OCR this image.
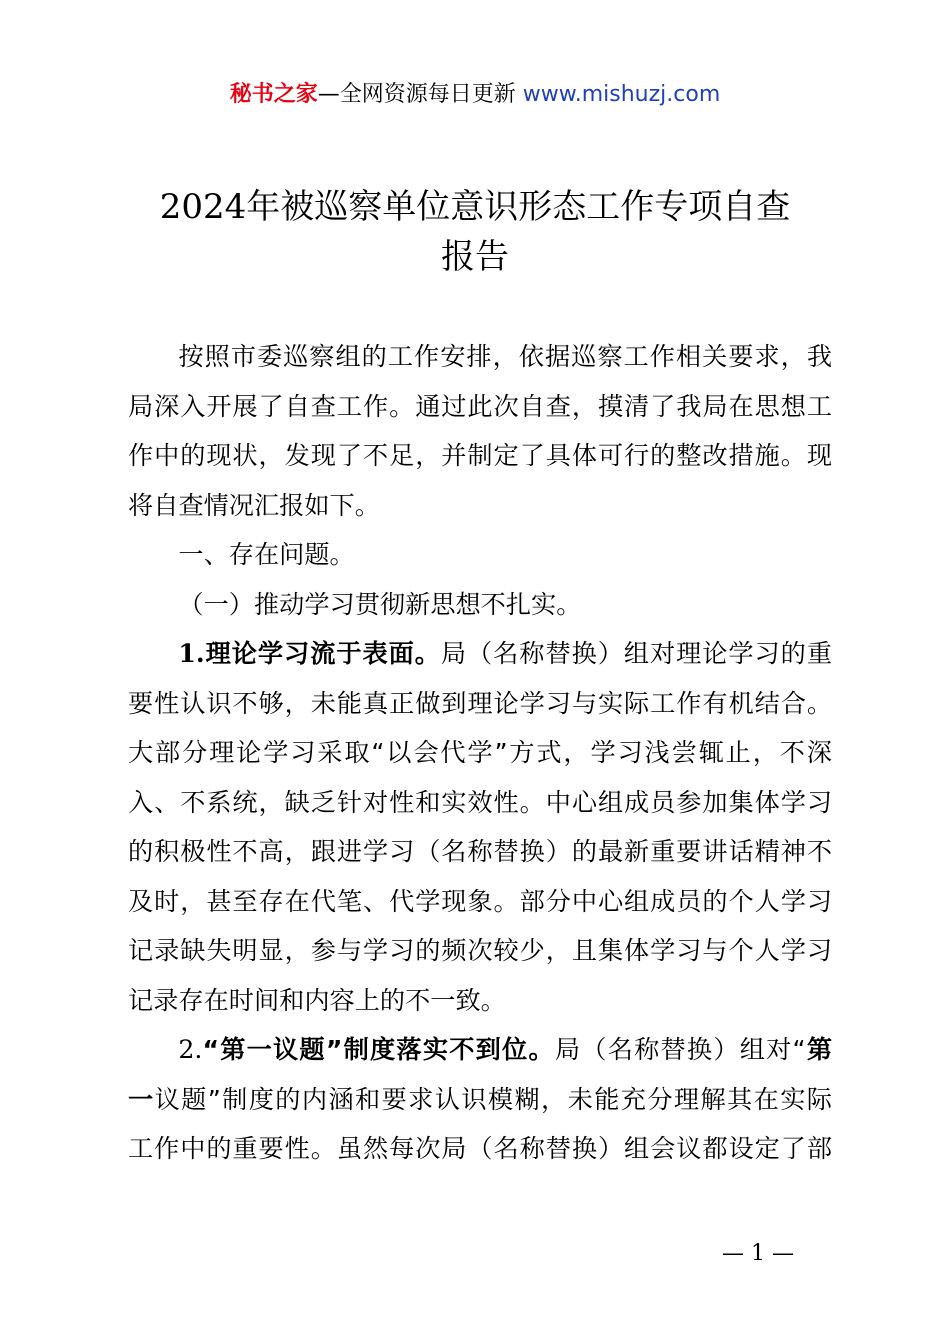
秘书之家—全网资源每日更新 www.mishuzj.com
2024年被巡察单位意识形态工作专项自查
报告
按照市委巡察组的工作安排，依据巡察工作相关要求，我
局深入开展了自查工作。通过此次自查，摸清了我局在思想工
作中的现状，发现了不足，并制定了具体可行的整改措施。现
将自查情况汇报如下。
一、存在问题。
（一）推动学习贯彻新思想不扎实。
1.理论学习流于表面。局（名称替换）组对理论学习的重
要性认识不够，未能真正做到理论学习与实际工作有机结合。
大部分理论学习采取“以会代学”方式，学习浅尝辄止，不深
入、不系统，缺乏针对性和实效性。中心组成员参加集体学习
的积极性不高，跟进学习（名称替换）的最新重要讲话精神不
及时，甚至存在代笔、代学现象。部分中心组成员的个人学习
记录缺失明显，参与学习的频次较少，且集体学习与个人学习
记录存在时间和内容上的不一致。
2.“第一议题”制度落实不到位。局（名称替换）组对“第
一议题”制度的内涵和要求认识模糊，未能充分理解其在实际
工作中的重要性。虽然每次局（名称替换）组会议都设定了部
— 1 —
